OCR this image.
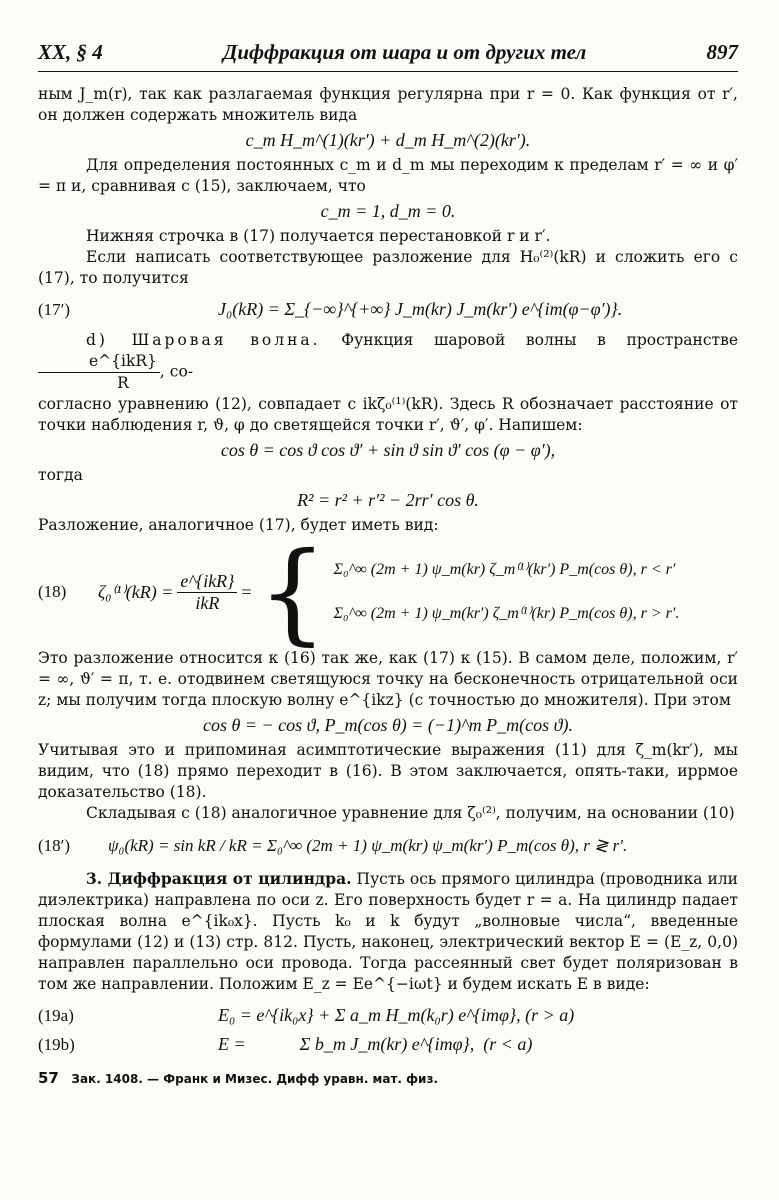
XX, § 4	Диффракция от шара и от других тел	897

ным J_m(r), так как разлагаемая функция регулярна при r = 0. Как функция от r′, он должен содержать множитель вида

c_m H_m^(1)(kr′) + d_m H_m^(2)(kr′).

Для определения постоянных c_m и d_m мы переходим к пределам r′ = ∞ и φ′ = π и, сравнивая с (15), заключаем, что

c_m = 1, d_m = 0.

Нижняя строчка в (17) получается перестановкой r и r′.

Если написать соответствующее разложение для H₀⁽²⁾(kR) и сложить его с (17), то получится

(17′)	J₀(kR) = Σ_{−∞}^{+∞} J_m(kr) J_m(kr′) e^{im(φ−φ′)}.

d) Шаровая волна. Функция шаровой волны в пространстве
$\frac{\text{e\textasciicircum{}\{ikR\}}}{R}$ , со-

согласно уравнению (12), совпадает с ikζ₀⁽¹⁾(kR). Здесь R обозначает расстояние от точки наблюдения r, ϑ, φ до светящейся точки r′, ϑ′, φ′. Напишем:

cos θ = cos ϑ cos ϑ′ + sin ϑ sin ϑ′ cos (φ − φ′),

тогда

R² = r² + r′² − 2rr′ cos θ.

Разложение, аналогичное (17), будет иметь вид:

(18)	$\zeta_0^{(1)}(kR) = \frac{\text{e\textasciicircum{}\{ikR\}}}{\text{ikR}}$ = { Σ₀^∞ (2m + 1) ψ_m(kr) ζ_m⁽¹⁾(kr′) P_m(cos θ), r < r′
Σ₀^∞ (2m + 1) ψ_m(kr′) ζ_m⁽¹⁾(kr) P_m(cos θ), r > r′.

Это разложение относится к (16) так же, как (17) к (15). В самом деле, положим, r′ = ∞, ϑ′ = π, т. е. отодвинем светящуюся точку на бесконечность отрицательной оси z; мы получим тогда плоскую волну e^{ikz} (с точностью до множителя). При этом

cos θ = − cos ϑ, P_m(cos θ) = (−1)^m P_m(cos ϑ).

Учитывая это и припоминая асимптотические выражения (11) для ζ_m(kr′), мы видим, что (18) прямо переходит в (16). В этом заключается, опять-таки, иррмое доказательство (18).

Складывая с (18) аналогичное уравнение для ζ₀⁽²⁾, получим, на основании (10)

(18′)	ψ₀(kR) = sin kR / kR = Σ₀^∞ (2m + 1) ψ_m(kr) ψ_m(kr′) P_m(cos θ), r ≷ r′.

3. Диффракция от цилиндра. Пусть ось прямого цилиндра (проводника или диэлектрика) направлена по оси z. Его поверхность будет r = a. На цилиндр падает плоская волна e^{ik₀x}. Пусть k₀ и k будут „волновые числа“, введенные формулами (12) и (13) стр. 812. Пусть, наконец, электрический вектор E = (E_z, 0,0) направлен параллельно оси провода. Тогда рассеянный свет будет поляризован в том же направлении. Положим E_z = Ee^{−iωt} и будем искать E в виде:

(19a)	E₀ = e^{ik₀x} + Σ a_m H_m(k₀r) e^{imφ}, (r > a)
(19b)	E =            Σ b_m J_m(kr) e^{imφ},  (r < a)
57 Зак. 1408. — Франк и Мизес. Дифф уравн. мат. физ.
